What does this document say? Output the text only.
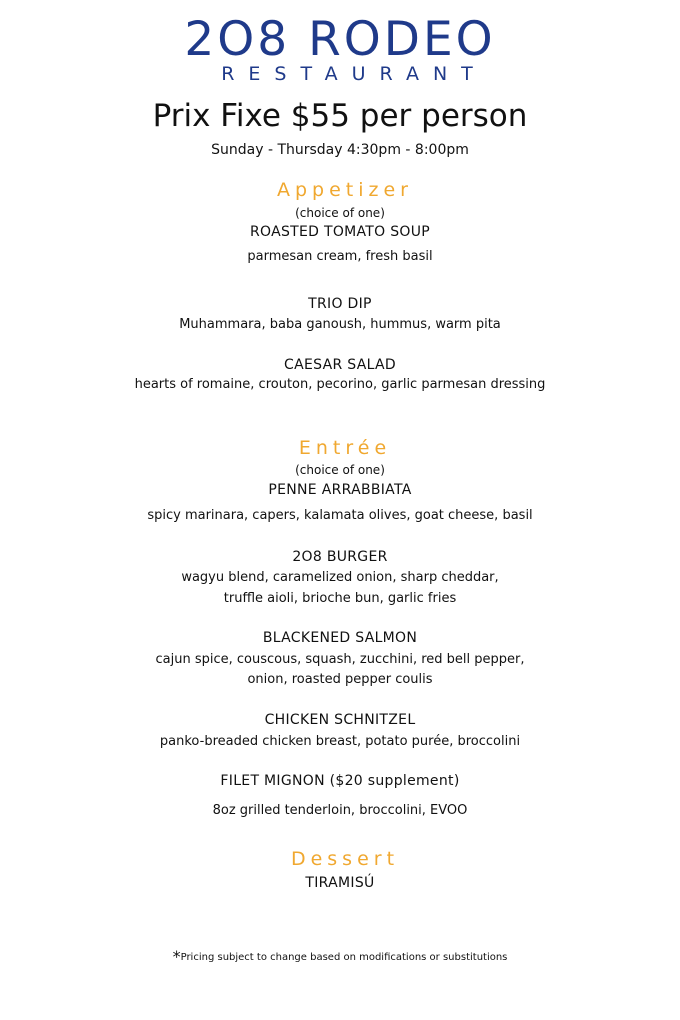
2O8 RODEO
RESTAURANT
Prix Fixe $55 per person
Sunday - Thursday 4:30pm - 8:00pm
Appetizer
(choice of one)
ROASTED TOMATO SOUP
parmesan cream, fresh basil
TRIO DIP
Muhammara, baba ganoush, hummus, warm pita
CAESAR SALAD
hearts of romaine, crouton, pecorino, garlic parmesan dressing
Entrée
(choice of one)
PENNE ARRABBIATA
spicy marinara, capers, kalamata olives, goat cheese, basil
2O8 BURGER
wagyu blend, caramelized onion, sharp cheddar,
truffle aioli, brioche bun, garlic fries
BLACKENED SALMON
cajun spice, couscous, squash, zucchini, red bell pepper,
onion, roasted pepper coulis
CHICKEN SCHNITZEL
panko-breaded chicken breast, potato purée, broccolini
FILET MIGNON ($20 supplement)
8oz grilled tenderloin, broccolini, EVOO
Dessert
TIRAMISÚ
*Pricing subject to change based on modifications or substitutions
